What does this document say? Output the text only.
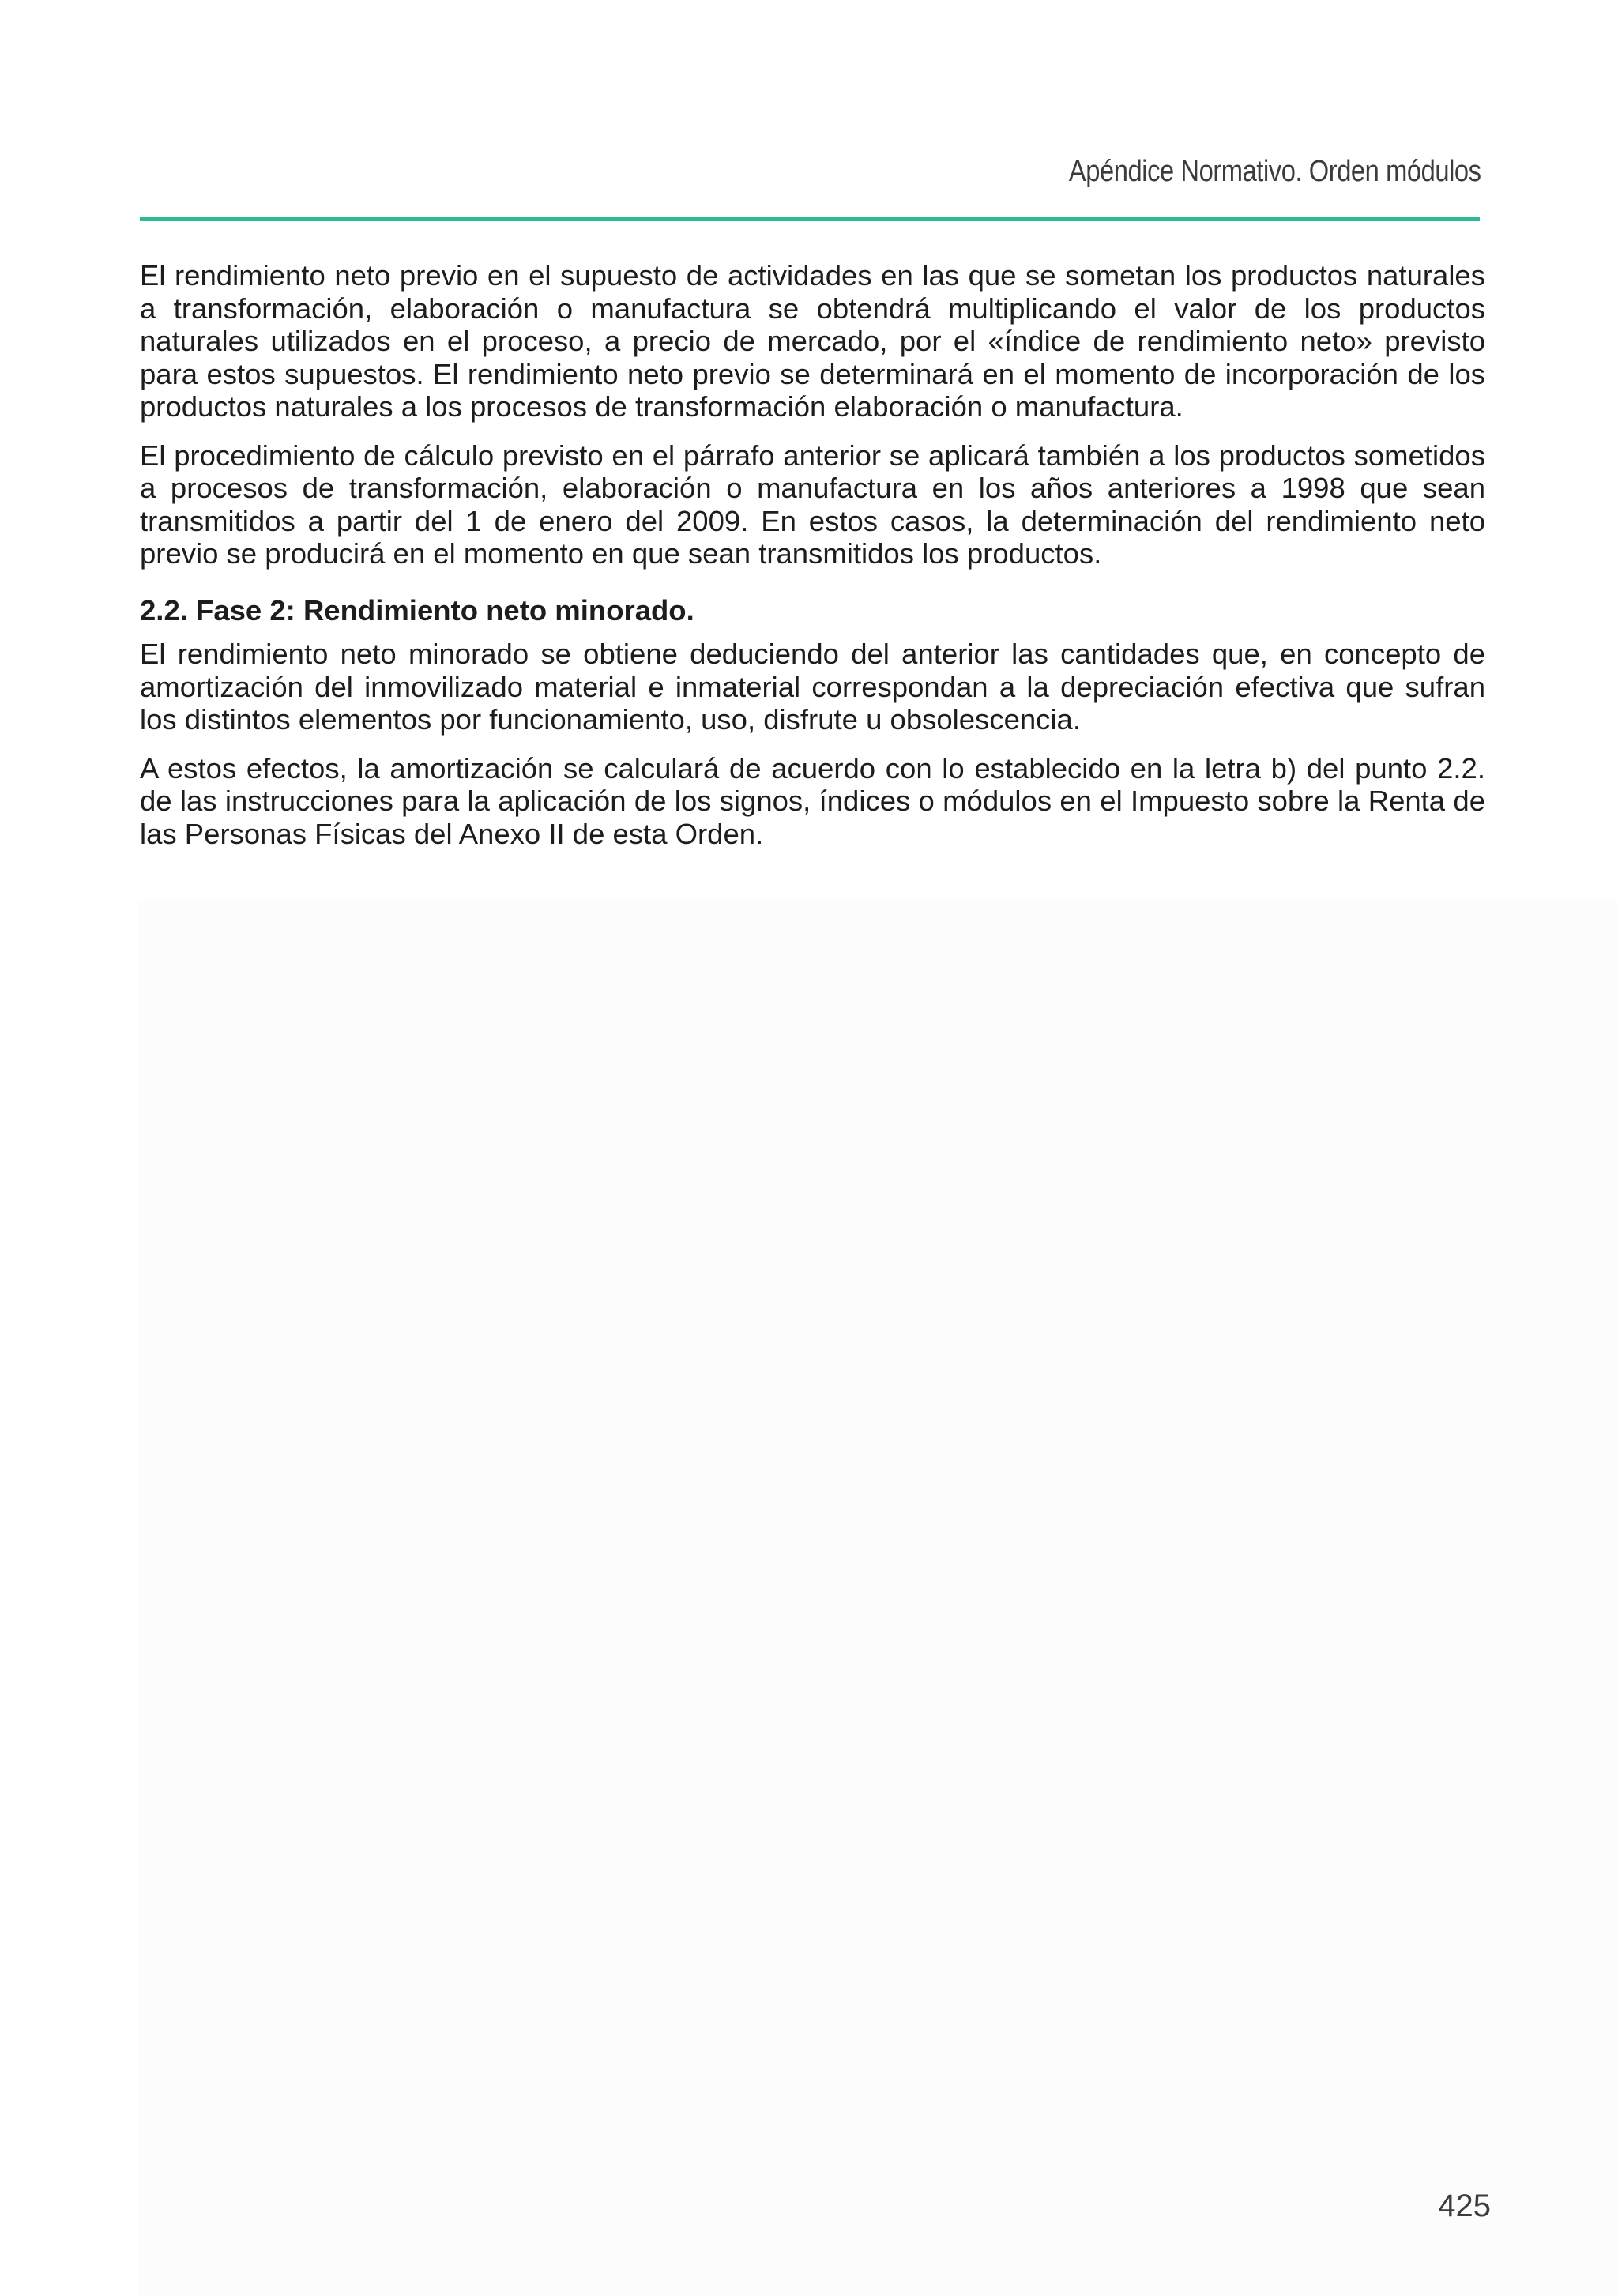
Apéndice Normativo. Orden módulos

El rendimiento neto previo en el supuesto de actividades en las que se sometan los productos naturales a transformación, elaboración o manufactura se obtendrá multiplicando el valor de los productos naturales utilizados en el proceso, a precio de mercado, por el «índice de rendimiento neto» previsto para estos supuestos. El rendimiento neto previo se determinará en el momento de incorporación de los productos naturales a los procesos de transformación elaboración o manufactura.

El procedimiento de cálculo previsto en el párrafo anterior se aplicará también a los productos sometidos a procesos de transformación, elaboración o manufactura en los años anteriores a 1998 que sean transmitidos a partir del 1 de enero del 2009. En estos casos, la determinación del rendimiento neto previo se producirá en el momento en que sean transmitidos los productos.

2.2. Fase 2: Rendimiento neto minorado.

El rendimiento neto minorado se obtiene deduciendo del anterior las cantidades que, en concepto de amortización del inmovilizado material e inmaterial correspondan a la depreciación efectiva que sufran los distintos elementos por funcionamiento, uso, disfrute u obsolescencia.

A estos efectos, la amortización se calculará de acuerdo con lo establecido en la letra b) del punto 2.2. de las instrucciones para la aplicación de los signos, índices o módulos en el Impuesto sobre la Renta de las Personas Físicas del Anexo II de esta Orden.

425
